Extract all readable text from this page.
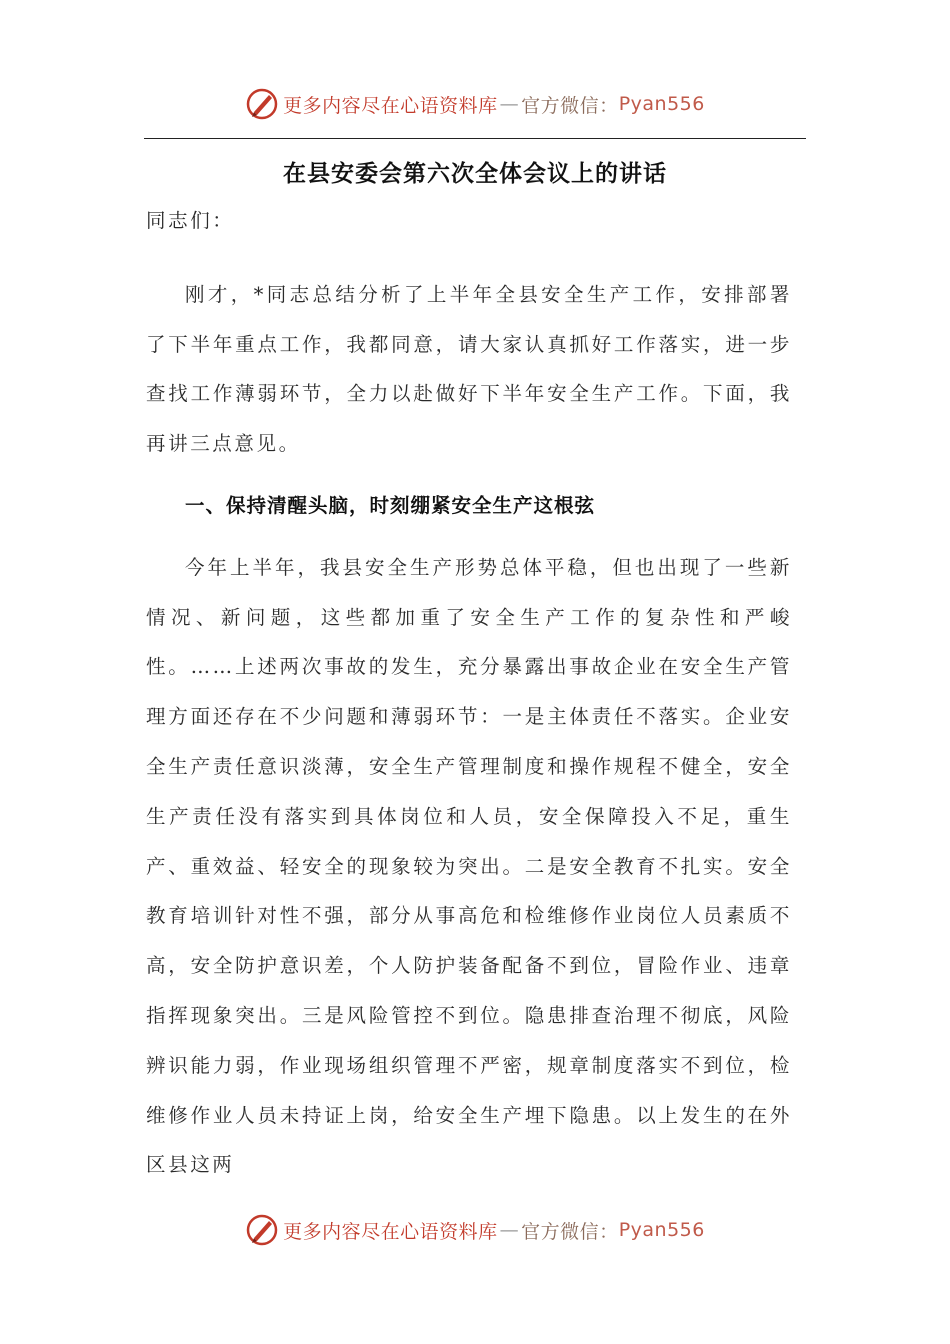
更多内容尽在心语资料库 — 官方微信： Pyan556
在县安委会第六次全体会议上的讲话

同志们：

刚才，*同志总结分析了上半年全县安全生产工作，安排部署了下半年重点工作，我都同意，请大家认真抓好工作落实，进一步查找工作薄弱环节，全力以赴做好下半年安全生产工作。下面，我再讲三点意见。

一、保持清醒头脑，时刻绷紧安全生产这根弦

今年上半年，我县安全生产形势总体平稳，但也出现了一些新情况、新问题，这些都加重了安全生产工作的复杂性和严峻性。……上述两次事故的发生，充分暴露出事故企业在安全生产管理方面还存在不少问题和薄弱环节：一是主体责任不落实。企业安全生产责任意识淡薄，安全生产管理制度和操作规程不健全，安全生产责任没有落实到具体岗位和人员，安全保障投入不足，重生产、重效益、轻安全的现象较为突出。二是安全教育不扎实。安全教育培训针对性不强，部分从事高危和检维修作业岗位人员素质不高，安全防护意识差，个人防护装备配备不到位，冒险作业、违章指挥现象突出。三是风险管控不到位。隐患排查治理不彻底，风险辨识能力弱，作业现场组织管理不严密，规章制度落实不到位，检维修作业人员未持证上岗，给安全生产埋下隐患。以上发生的在外区县这两

更多内容尽在心语资料库 — 官方微信： Pyan556
